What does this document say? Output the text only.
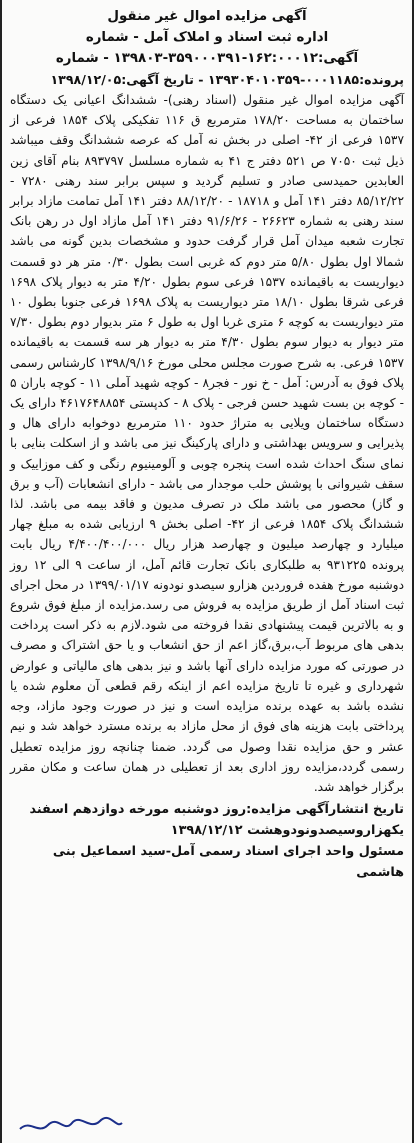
آگهی مزایده اموال غیر منقول
اداره ثبت اسناد و املاک آمل - شماره
آگهی:۱۶۲:۰۰۰۱۲-۳۵۹۰۰۰۳۹۱-۱۳۹۸۰۳ - شماره
پرونده:۰۰۰۱۱۸۵-۱۳۹۳۰۴۰۱۰۳۵۹ - تاریخ آگهی:۱۳۹۸/۱۲/۰۵

آگهی مزایده اموال غیر منقول (اسناد رهنی)- ششدانگ اعیانی یک دستگاه ساختمان به مساحت ۱۷۸/۲۰ مترمربع ق ۱۱۶ تفکیکی پلاک ۱۸۵۴ فرعی از ۱۵۳۷ فرعی از ۴۲- اصلی در بخش نه آمل که عرصه ششدانگ وقف میباشد ذیل ثبت ۷۰۵۰ ص ۵۲۱ دفتر ج ۴۱ به شماره مسلسل ۸۹۳۷۹۷ بنام آقای زین العابدین حمیدسی صادر و تسلیم گردید و سپس برابر سند رهنی ۷۲۸۰ - ۸۵/۱۲/۲۲ دفتر ۱۴۱ آمل و ۱۸۷۱۸ - ۸۸/۱۲/۲۰ دفتر ۱۴۱ آمل تمامت مازاد برابر سند رهنی به شماره ۲۶۶۲۳ - ۹۱/۶/۲۶ دفتر ۱۴۱ آمل مازاد اول در رهن بانک تجارت شعبه میدان آمل قرار گرفت حدود و مشخصات بدین گونه می باشد شمالا اول بطول ۵/۸۰ متر دوم که غربی است بطول ۰/۳۰ متر هر دو قسمت دیواریست به باقیمانده ۱۵۳۷ فرعی سوم بطول ۴/۲۰ متر به دیوار پلاک ۱۶۹۸ فرعی شرقا بطول ۱۸/۱۰ متر دیواریست به پلاک ۱۶۹۸ فرعی جنوبا بطول ۱۰ متر دیواریست به کوچه ۶ متری غربا اول به طول ۶ متر بدیوار دوم بطول ۷/۳۰ متر دیوار به دیوار سوم بطول ۴/۳۰ متر به دیوار هر سه قسمت به باقیمانده ۱۵۳۷ فرعی. به شرح صورت مجلس محلی مورخ ۱۳۹۸/۹/۱۶ کارشناس رسمی پلاک فوق به آدرس: آمل - خ نور - فجر۸ - کوچه شهید آملی ۱۱ - کوچه باران ۵ - کوچه بن بست شهید حسن فرجی - پلاک ۸ - کدپستی ۴۶۱۷۶۴۸۸۵۴ دارای یک دستگاه ساختمان ویلایی به متراژ حدود ۱۱۰ مترمربع دوخوابه دارای هال و پذیرایی و سرویس بهداشتی و دارای پارکینگ نیز می باشد و از اسکلت بنایی با نمای سنگ احداث شده است پنجره چوبی و آلومینیوم رنگی و کف موزاییک و سقف شیروانی با پوشش حلب موجدار می باشد - دارای انشعابات (آب و برق و گاز) محصور می باشد ملک در تصرف مدیون و فاقد بیمه می باشد. لذا ششدانگ پلاک ۱۸۵۴ فرعی از ۴۲- اصلی بخش ۹ ارزیابی شده به مبلغ چهار میلیارد و چهارصد میلیون و چهارصد هزار ریال ۴/۴۰۰/۴۰۰/۰۰۰ ریال بابت پرونده ۹۳۱۲۲۵ به طلبکاری بانک تجارت قائم آمل، از ساعت ۹ الی ۱۲ روز دوشنبه مورخ هفده فروردین هزارو سیصدو نودونه ۱۳۹۹/۰۱/۱۷ در محل اجرای ثبت اسناد آمل از طریق مزایده به فروش می رسد.مزایده از مبلغ فوق شروع و به بالاترین قیمت پیشنهادی نقدا فروخته می شود.لازم به ذکر است پرداخت بدهی های مربوط آب،برق،گاز اعم از حق انشعاب و یا حق اشتراک و مصرف در صورتی که مورد مزایده دارای آنها باشد و نیز بدهی های مالیاتی و عوارض شهرداری و غیره تا تاریخ مزایده اعم از اینکه رقم قطعی آن معلوم شده یا نشده باشد به عهده برنده مزایده است و نیز در صورت وجود مازاد، وجه پرداختی بابت هزینه های فوق از محل مازاد به برنده مسترد خواهد شد و نیم عشر و حق مزایده نقدا وصول می گردد. ضمنا چنانچه روز مزایده تعطیل رسمی گردد،مزایده روز اداری بعد از تعطیلی در همان ساعت و مکان مقرر برگزار خواهد شد.

تاریخ انتشارآگهی مزایده:روز دوشنبه مورخه دوازدهم اسفند یکهزاروسیصدونودوهشت ۱۳۹۸/۱۲/۱۲
مسئول واحد اجرای اسناد رسمی آمل-سید اسماعیل بنی هاشمی
